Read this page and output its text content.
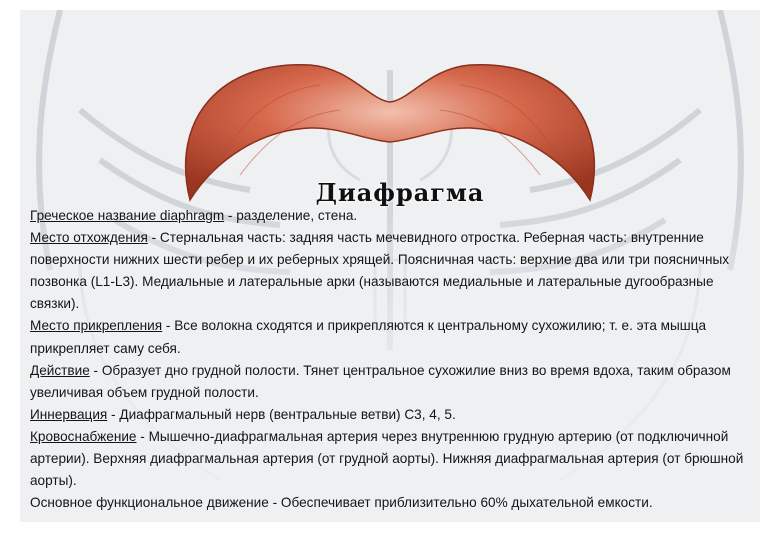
Диафрагма

Греческое название diaphragm - разделение, стена.

Место отхождения - Стернальная часть: задняя часть мечевидного отростка. Реберная часть: внутренние поверхности нижних шести ребер и их реберных хрящей. Поясничная часть: верхние два или три поясничных позвонка (L1-L3). Медиальные и латеральные арки (называются медиальные и латеральные дугообразные связки).

Место прикрепления - Все волокна сходятся и прикрепляются к центральному сухожилию; т. е. эта мышца прикрепляет саму себя.

Действие - Образует дно грудной полости. Тянет центральное сухожилие вниз во время вдоха, таким образом увеличивая объем грудной полости.

Иннервация - Диафрагмальный нерв (вентральные ветви) С3, 4, 5.

Кровоснабжение - Мышечно-диафрагмальная артерия через внутреннюю грудную артерию (от подключичной артерии). Верхняя диафрагмальная артерия (от грудной аорты). Нижняя диафрагмальная артерия (от брюшной аорты).

Основное функциональное движение - Обеспечивает приблизительно 60% дыхательной емкости.
